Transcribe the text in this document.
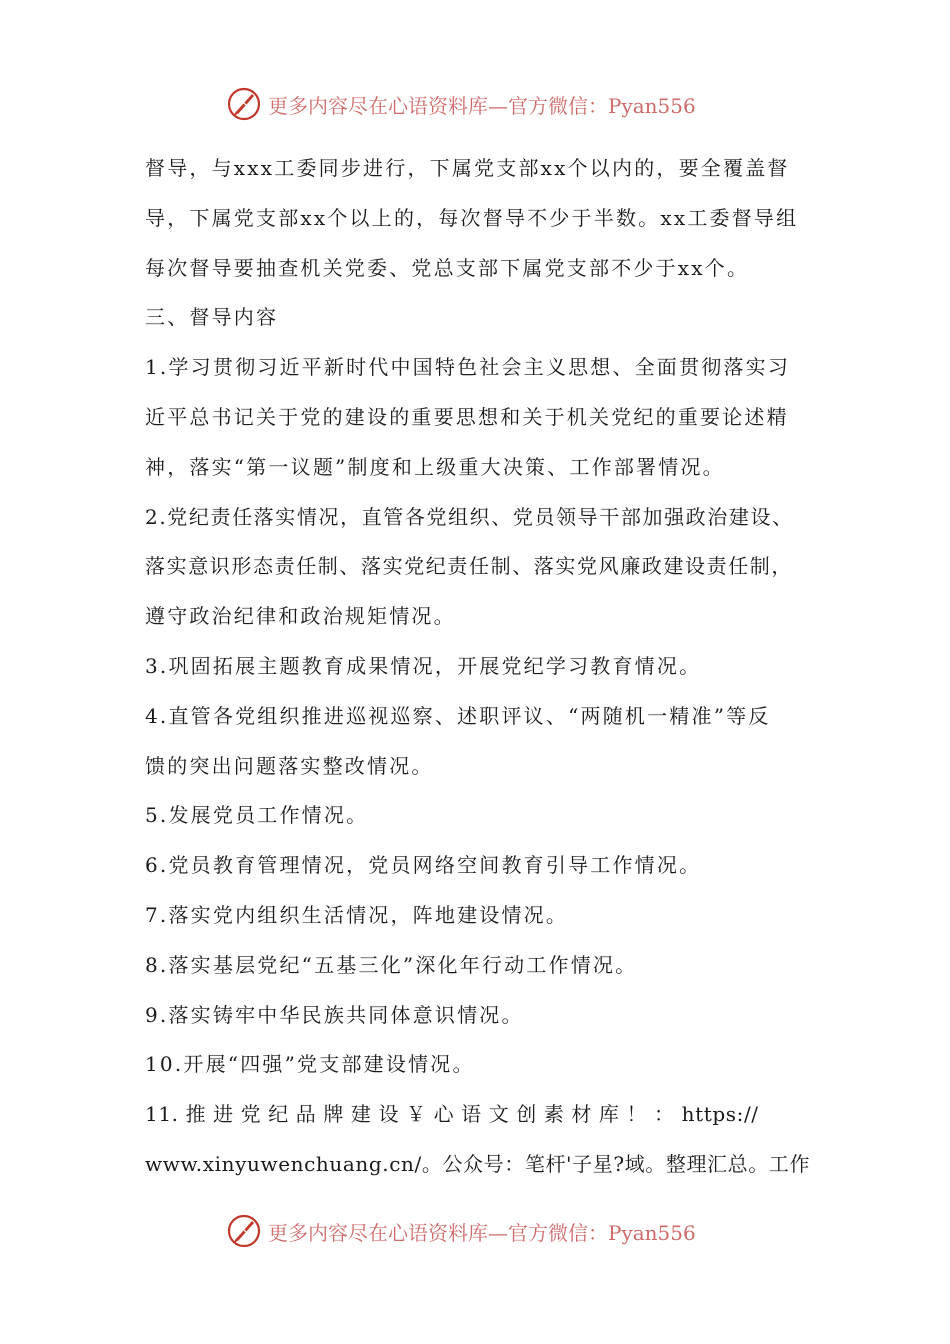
更多内容尽在心语资料库—官方微信：Pyan556
督导，与xxx工委同步进行，下属党支部xx个以内的，要全覆盖督
导，下属党支部xx个以上的，每次督导不少于半数。xx工委督导组
每次督导要抽查机关党委、党总支部下属党支部不少于xx个。
三、督导内容
1.学习贯彻习近平新时代中国特色社会主义思想、全面贯彻落实习
近平总书记关于党的建设的重要思想和关于机关党纪的重要论述精
神，落实“第一议题”制度和上级重大决策、工作部署情况。
2.党纪责任落实情况，直管各党组织、党员领导干部加强政治建设、
落实意识形态责任制、落实党纪责任制、落实党风廉政建设责任制，
遵守政治纪律和政治规矩情况。
3.巩固拓展主题教育成果情况，开展党纪学习教育情况。
4.直管各党组织推进巡视巡察、述职评议、“两随机一精准”等反
馈的突出问题落实整改情况。
5.发展党员工作情况。
6.党员教育管理情况，党员网络空间教育引导工作情况。
7.落实党内组织生活情况，阵地建设情况。
8.落实基层党纪“五基三化”深化年行动工作情况。
9.落实铸牢中华民族共同体意识情况。
10.开展“四强”党支部建设情况。
11. 推 进 党 纪 品 牌 建 设 ￥ 心 语 文 创 素 材 库 ！ ： https://
www.xinyuwenchuang.cn/。公众号：笔杆'子星?域。整理汇总。工作
更多内容尽在心语资料库—官方微信：Pyan556
